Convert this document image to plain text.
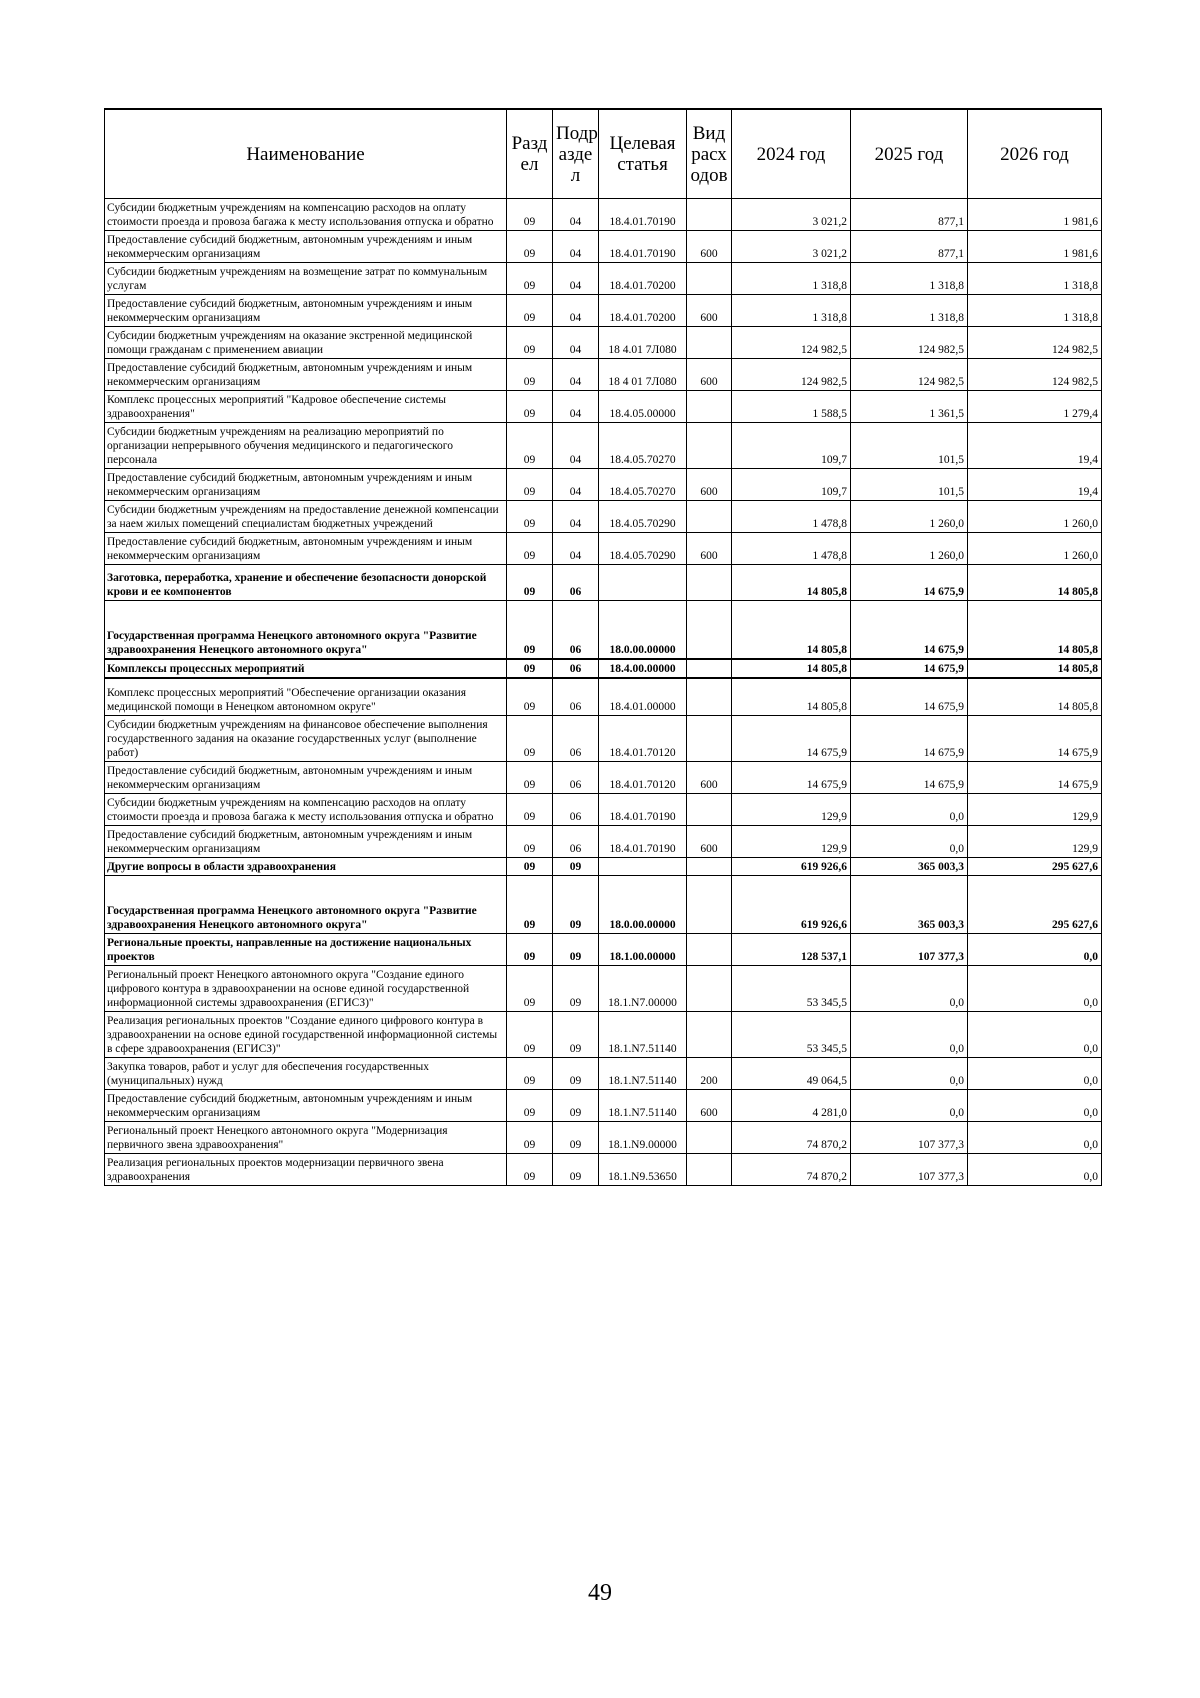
Наименование	Разд ел	Подр азде л	Целевая статья	Вид расх одов	2024 год	2025 год	2026 год
Субсидии бюджетным учреждениям на компенсацию расходов на оплату стоимости проезда и провоза багажа к месту использования отпуска и обратно	09	04	18.4.01.70190		3 021,2	877,1	1 981,6
Предоставление субсидий бюджетным, автономным учреждениям и иным некоммерческим организациям	09	04	18.4.01.70190	600	3 021,2	877,1	1 981,6
Субсидии бюджетным учреждениям на возмещение затрат по коммунальным услугам	09	04	18.4.01.70200		1 318,8	1 318,8	1 318,8
Предоставление субсидий бюджетным, автономным учреждениям и иным некоммерческим организациям	09	04	18.4.01.70200	600	1 318,8	1 318,8	1 318,8
Субсидии бюджетным учреждениям на оказание экстренной медицинской помощи гражданам с применением авиации	09	04	18 4.01 7Л080		124 982,5	124 982,5	124 982,5
Предоставление субсидий бюджетным, автономным учреждениям и иным некоммерческим организациям	09	04	18 4 01 7Л080	600	124 982,5	124 982,5	124 982,5
Комплекс процессных мероприятий "Кадровое обеспечение системы здравоохранения"	09	04	18.4.05.00000		1 588,5	1 361,5	1 279,4
Субсидии бюджетным учреждениям на реализацию мероприятий по организации непрерывного обучения медицинского и педагогического персонала	09	04	18.4.05.70270		109,7	101,5	19,4
Предоставление субсидий бюджетным, автономным учреждениям и иным некоммерческим организациям	09	04	18.4.05.70270	600	109,7	101,5	19,4
Субсидии бюджетным учреждениям на предоставление денежной компенсации за наем жилых помещений специалистам бюджетных учреждений	09	04	18.4.05.70290		1 478,8	1 260,0	1 260,0
Предоставление субсидий бюджетным, автономным учреждениям и иным некоммерческим организациям	09	04	18.4.05.70290	600	1 478,8	1 260,0	1 260,0
Заготовка, переработка, хранение и обеспечение безопасности донорской крови и ее компонентов	09	06			14 805,8	14 675,9	14 805,8
Государственная программа Ненецкого автономного округа "Развитие здравоохранения Ненецкого автономного округа"	09	06	18.0.00.00000		14 805,8	14 675,9	14 805,8
Комплексы процессных мероприятий	09	06	18.4.00.00000		14 805,8	14 675,9	14 805,8
Комплекс процессных мероприятий "Обеспечение организации оказания медицинской помощи в Ненецком автономном округе"	09	06	18.4.01.00000		14 805,8	14 675,9	14 805,8
Субсидии бюджетным учреждениям на финансовое обеспечение выполнения государственного задания на оказание государственных услуг (выполнение работ)	09	06	18.4.01.70120		14 675,9	14 675,9	14 675,9
Предоставление субсидий бюджетным, автономным учреждениям и иным некоммерческим организациям	09	06	18.4.01.70120	600	14 675,9	14 675,9	14 675,9
Субсидии бюджетным учреждениям на компенсацию расходов на оплату стоимости проезда и провоза багажа к месту использования отпуска и обратно	09	06	18.4.01.70190		129,9	0,0	129,9
Предоставление субсидий бюджетным, автономным учреждениям и иным некоммерческим организациям	09	06	18.4.01.70190	600	129,9	0,0	129,9
Другие вопросы в области здравоохранения	09	09			619 926,6	365 003,3	295 627,6
Государственная программа Ненецкого автономного округа "Развитие здравоохранения Ненецкого автономного округа"	09	09	18.0.00.00000		619 926,6	365 003,3	295 627,6
Региональные проекты, направленные на достижение национальных проектов	09	09	18.1.00.00000		128 537,1	107 377,3	0,0
Региональный проект Ненецкого автономного округа "Создание единого цифрового контура в здравоохранении на основе единой государственной информационной системы здравоохранения (ЕГИСЗ)"	09	09	18.1.N7.00000		53 345,5	0,0	0,0
Реализация региональных проектов "Создание единого цифрового контура в здравоохранении на основе единой государственной информационной системы в сфере здравоохранения (ЕГИСЗ)"	09	09	18.1.N7.51140		53 345,5	0,0	0,0
Закупка товаров, работ и услуг для обеспечения государственных (муниципальных) нужд	09	09	18.1.N7.51140	200	49 064,5	0,0	0,0
Предоставление субсидий бюджетным, автономным учреждениям и иным некоммерческим организациям	09	09	18.1.N7.51140	600	4 281,0	0,0	0,0
Региональный проект Ненецкого автономного округа "Модернизация первичного звена здравоохранения"	09	09	18.1.N9.00000		74 870,2	107 377,3	0,0
Реализация региональных проектов модернизации первичного звена здравоохранения	09	09	18.1.N9.53650		74 870,2	107 377,3	0,0
49
